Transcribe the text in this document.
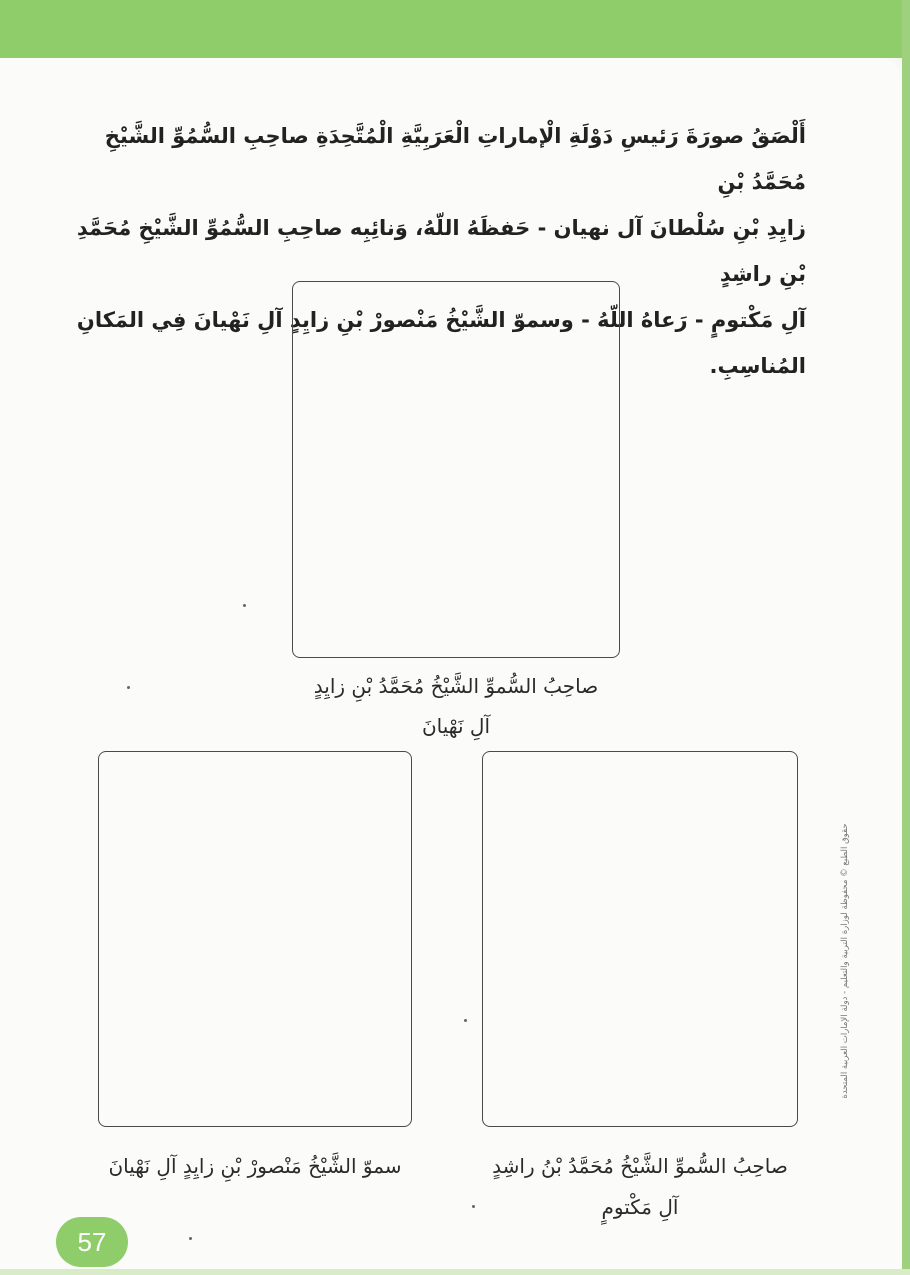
أَلْصَقُ صورَةَ رَئيسِ دَوْلَةِ الْإماراتِ الْعَرَبِيَّةِ الْمُتَّحِدَةِ صاحِبِ السُّمُوِّ الشَّيْخِ مُحَمَّدُ بْنِ
زايِدِ بْنِ سُلْطانَ آل نهيان - حَفظَهُ اللّهُ، وَنائِبِه صاحِبِ السُّمُوِّ الشَّيْخِ مُحَمَّدِ بْنِ راشِدٍ
آلِ مَكْتومٍ - رَعاهُ اللّهُ - وسموّ الشَّيْخُ مَنْصورْ بْنِ زايِدٍ آلِ نَهْيانَ فِي المَكانِ المُناسِبِ.
صاحِبُ السُّموِّ الشَّيْخُ مُحَمَّدُ بْنِ زايِدٍ
آلِ نَهْيانَ
سموّ الشَّيْخُ مَنْصورْ بْنِ زايِدٍ آلِ نَهْيانَ	صاحِبُ السُّموِّ الشَّيْخُ مُحَمَّدُ بْنُ راشِدٍ
آلِ مَكْتومٍ
حقوق الطبع © محفوظة لوزارة التربية والتعليم - دولة الإمارات العربية المتحدة
57
